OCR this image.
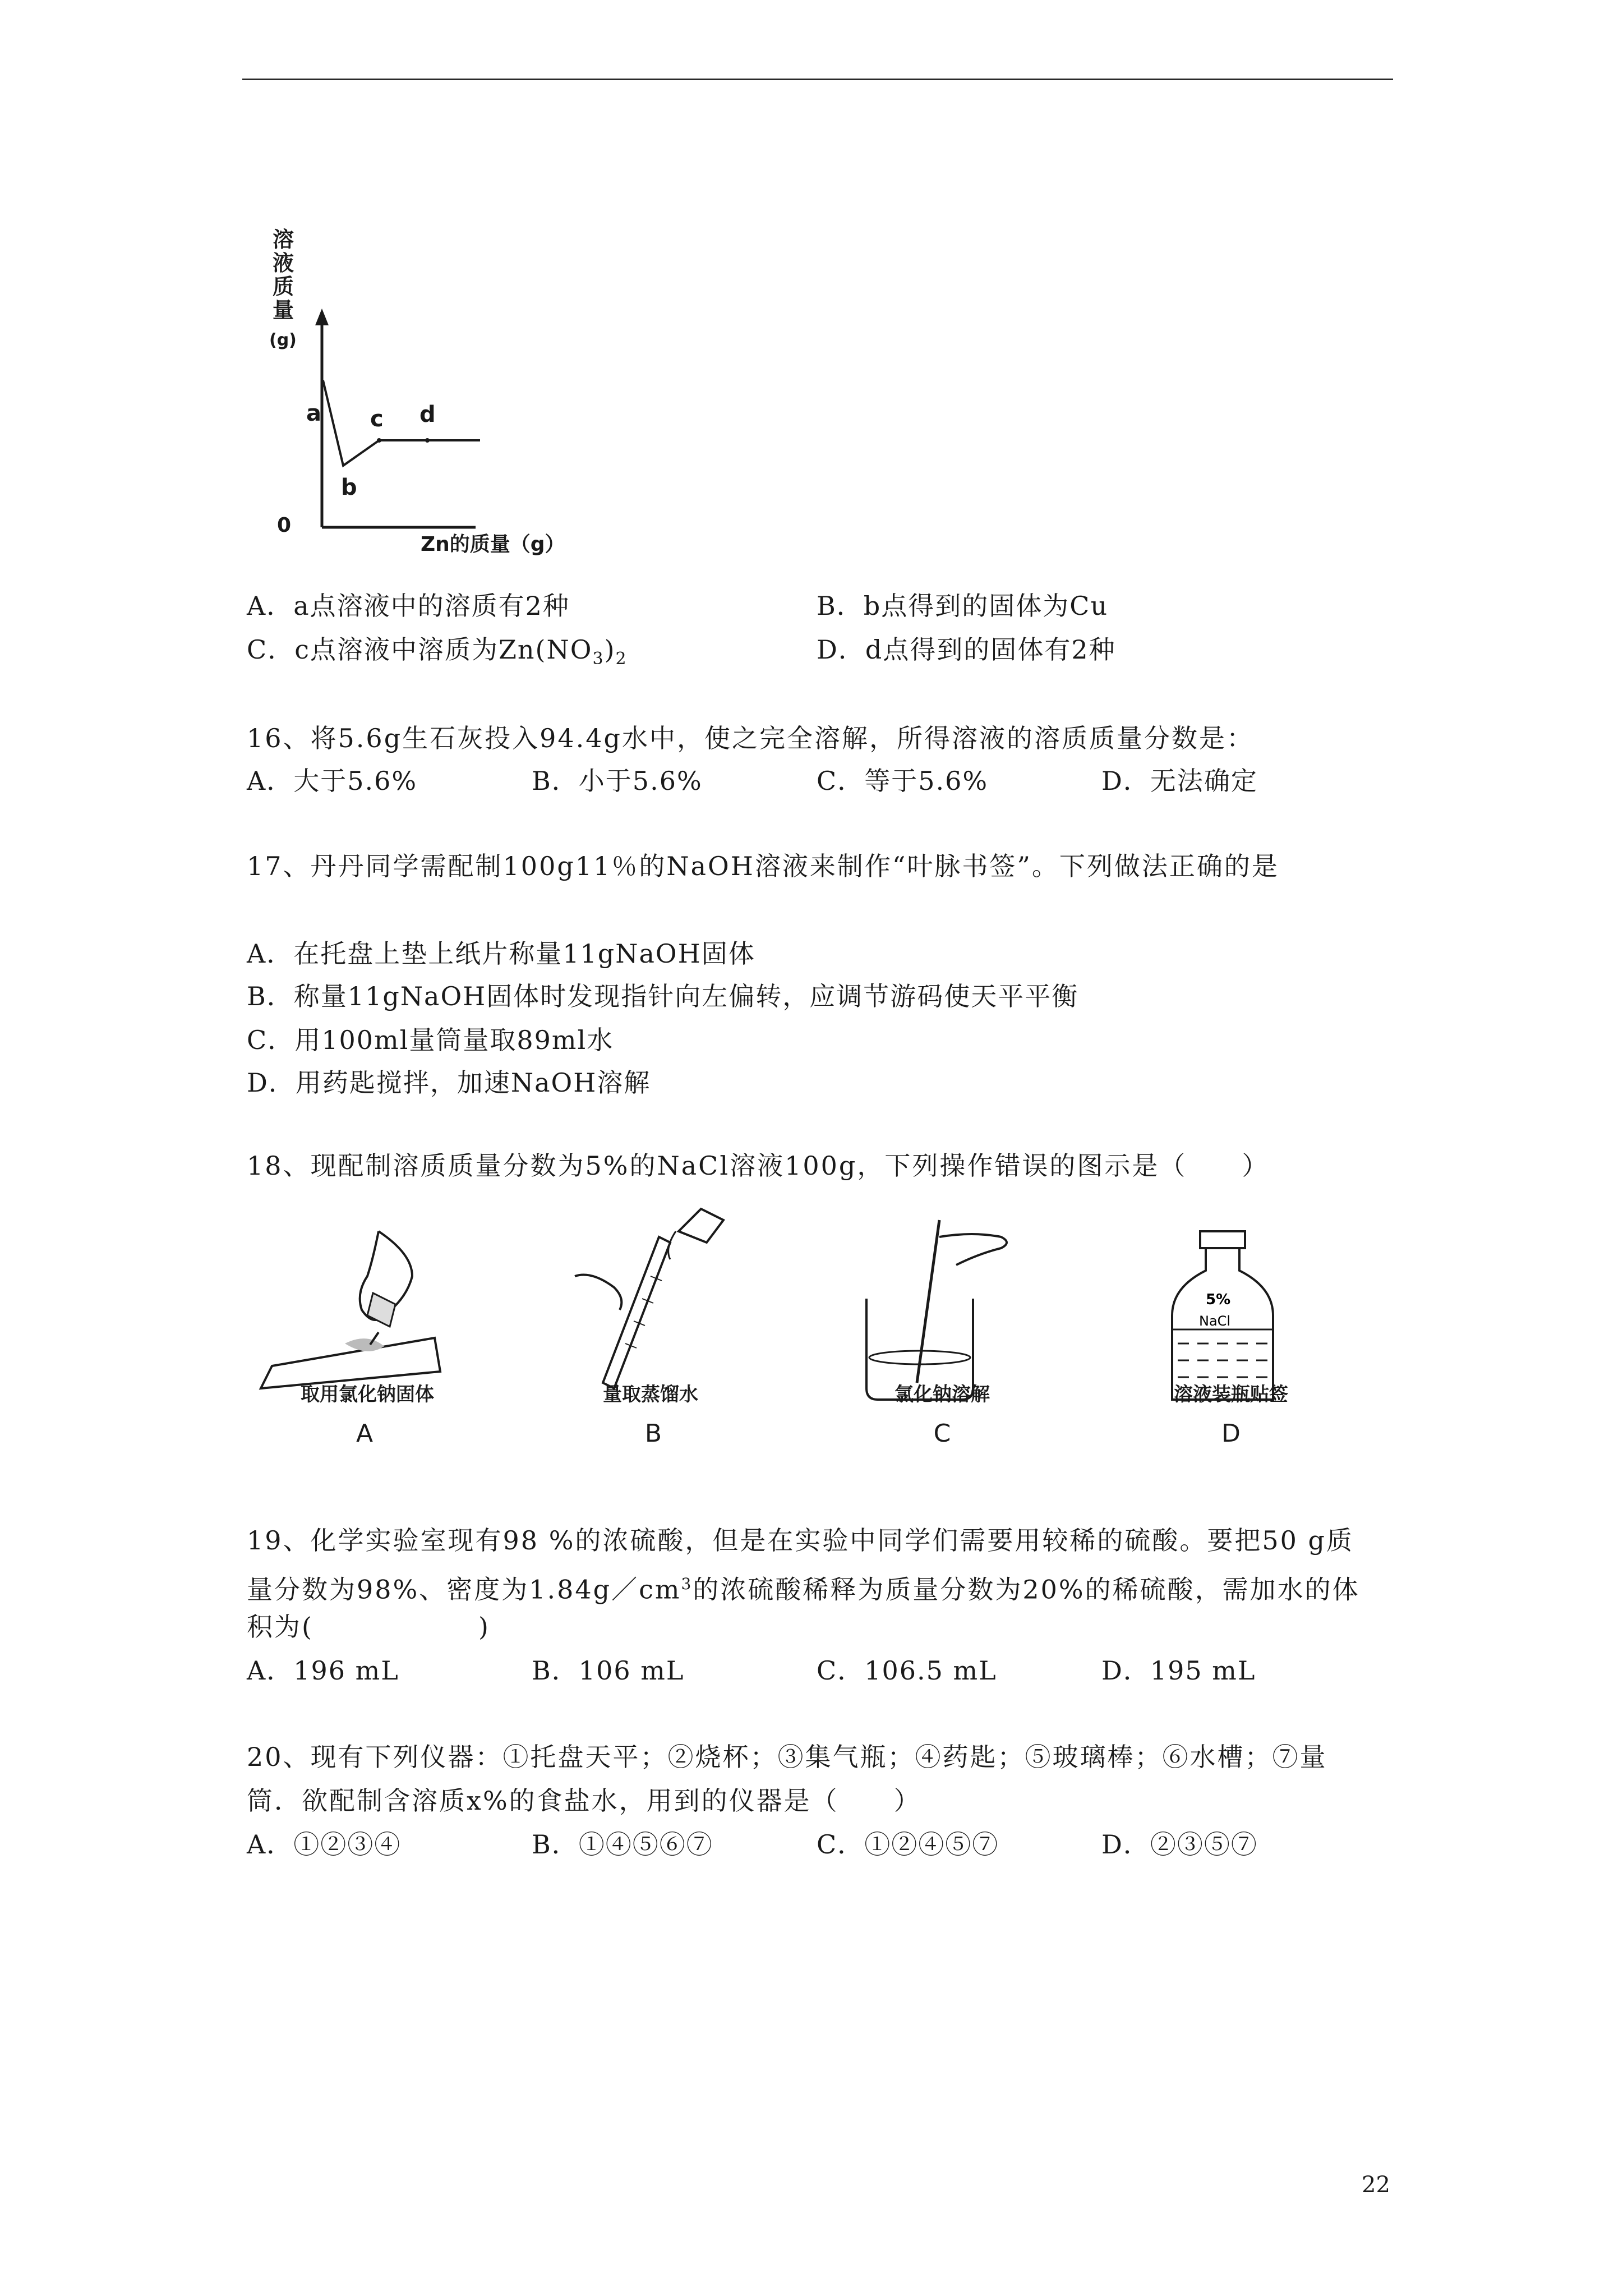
溶
液
质
量
(g)
a
b
c d
0
Zn的质量（g）
A．a点溶液中的溶质有2种	B．b点得到的固体为Cu
C．c点溶液中溶质为$Zn(NO_3)_2$	D．d点得到的固体有2种
16、将5.6g生石灰投入94.4g水中，使之完全溶解，所得溶液的溶质质量分数是：
A．大于5.6%	B．小于5.6%	C．等于5.6%	D．无法确定
17、丹丹同学需配制100g11％的NaOH溶液来制作“叶脉书签”。下列做法正确的是
A．在托盘上垫上纸片称量11gNaOH固体
B．称量11gNaOH固体时发现指针向左偏转，应调节游码使天平平衡
C．用100ml量筒量取89ml水
D．用药匙搅拌，加速NaOH溶解
18、现配制溶质质量分数为5%的NaCl溶液100g，下列操作错误的图示是（　　）
取用氯化钠固体
A
量取蒸馏水
B
氯化钠溶解
C
5%
NaCl
溶液装瓶贴签
D
19、化学实验室现有98 %的浓硫酸，但是在实验中同学们需要用较稀的硫酸。要把50 g质
量分数为98%、密度为$1.84g/cm^3$的浓硫酸稀释为质量分数为20%的稀硫酸，需加水的体
积为(　　　　　　)
A．196 mL	B．106 mL	C．106.5 mL	D．195 mL
20、现有下列仪器：①托盘天平；②烧杯；③集气瓶；④药匙；⑤玻璃棒；⑥水槽；⑦量
筒．欲配制含溶质x%的食盐水，用到的仪器是（　　）
A．①②③④	B．①④⑤⑥⑦	C．①②④⑤⑦	D．②③⑤⑦
22
